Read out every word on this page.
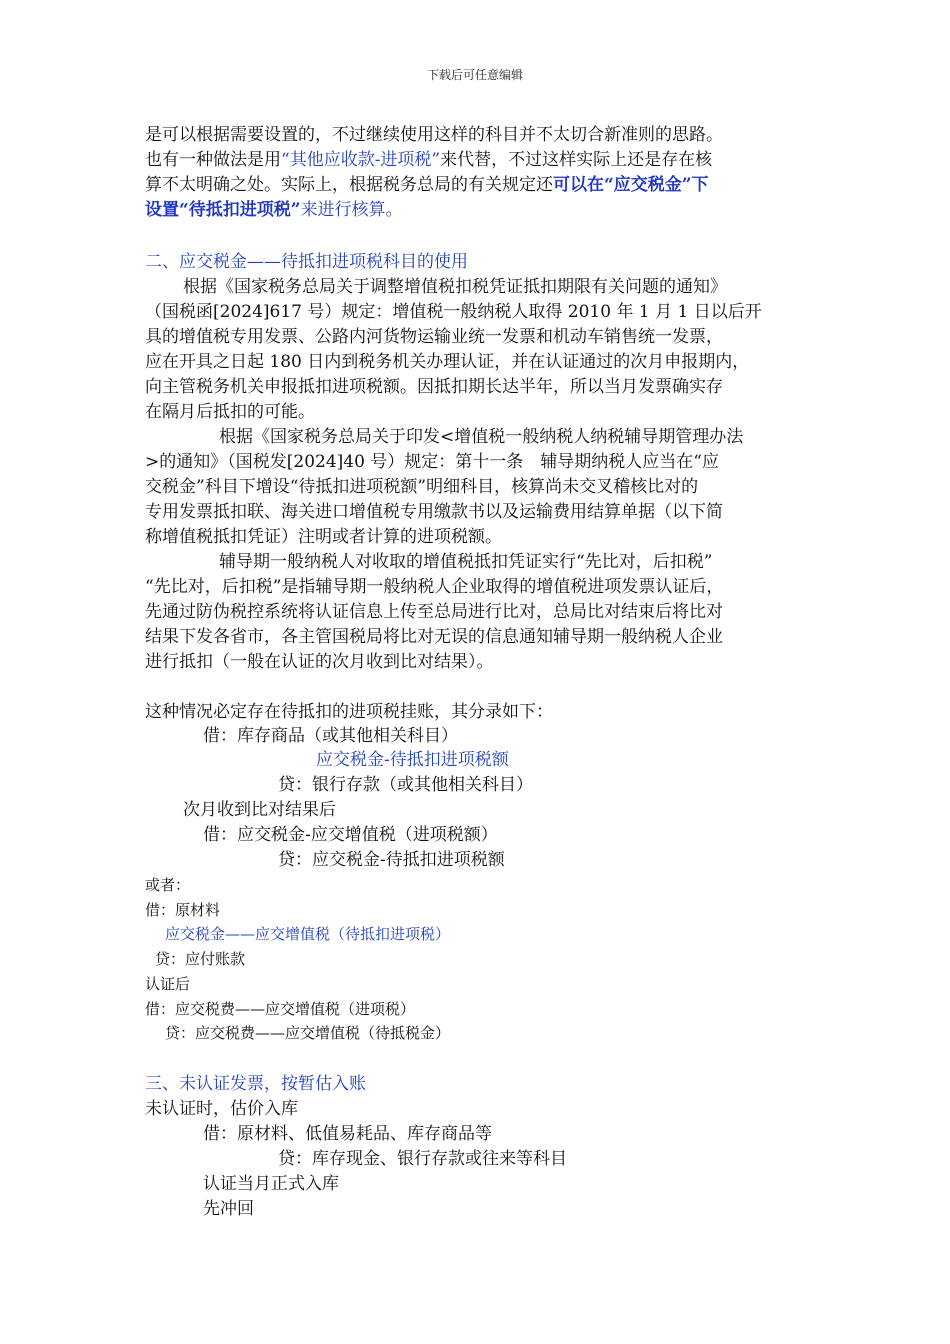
下载后可任意编辑
是可以根据需要设置的，不过继续使用这样的科目并不太切合新准则的思路。
也有一种做法是用“其他应收款-进项税”来代替，不过这样实际上还是存在核
算不太明确之处。实际上，根据税务总局的有关规定还可以在“应交税金”下
设置“待抵扣进项税”来进行核算。
二、应交税金——待抵扣进项税科目的使用
根据《国家税务总局关于调整增值税扣税凭证抵扣期限有关问题的通知》
（国税函[2024]617 号）规定：增值税一般纳税人取得 2010 年 1 月 1 日以后开
具的增值税专用发票、公路内河货物运输业统一发票和机动车销售统一发票，
应在开具之日起 180 日内到税务机关办理认证，并在认证通过的次月申报期内，
向主管税务机关申报抵扣进项税额。因抵扣期长达半年，所以当月发票确实存
在隔月后抵扣的可能。
根据《国家税务总局关于印发<增值税一般纳税人纳税辅导期管理办法
>的通知》（国税发[2024]40 号）规定：第十一条　辅导期纳税人应当在“应
交税金”科目下增设“待抵扣进项税额”明细科目，核算尚未交叉稽核比对的
专用发票抵扣联、海关进口增值税专用缴款书以及运输费用结算单据（以下简
称增值税抵扣凭证）注明或者计算的进项税额。
辅导期一般纳税人对收取的增值税抵扣凭证实行“先比对，后扣税”
“先比对，后扣税”是指辅导期一般纳税人企业取得的增值税进项发票认证后，
先通过防伪税控系统将认证信息上传至总局进行比对，总局比对结束后将比对
结果下发各省市，各主管国税局将比对无误的信息通知辅导期一般纳税人企业
进行抵扣（一般在认证的次月收到比对结果）。
这种情况必定存在待抵扣的进项税挂账，其分录如下：
借：库存商品（或其他相关科目）
应交税金-待抵扣进项税额
贷：银行存款（或其他相关科目）
次月收到比对结果后
借：应交税金-应交增值税（进项税额）
贷：应交税金-待抵扣进项税额
或者：
借：原材料
应交税金——应交增值税（待抵扣进项税）
贷：应付账款
认证后
借：应交税费——应交增值税（进项税）
贷：应交税费——应交增值税（待抵税金）
三、未认证发票，按暂估入账
未认证时，估价入库
借：原材料、低值易耗品、库存商品等
贷：库存现金、银行存款或往来等科目
认证当月正式入库
先冲回
